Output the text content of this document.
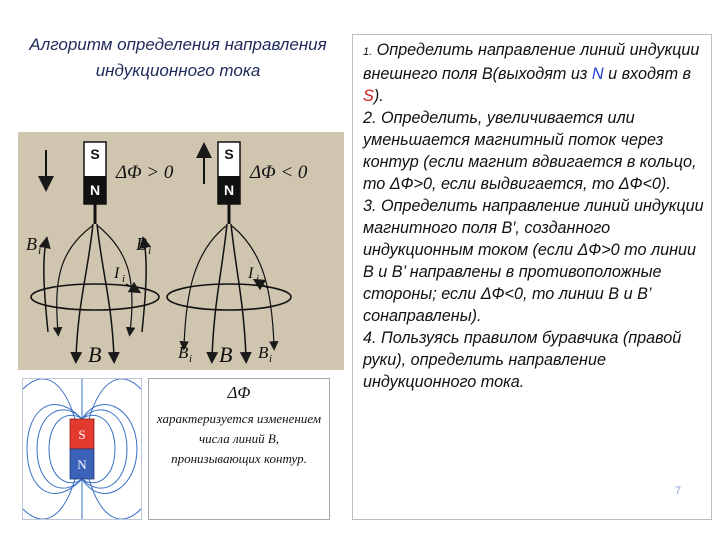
Алгоритм определения направления индукционного тока
S
N
S
N
ΔΦ > 0	ΔΦ < 0
B i	B i
I i
B
I i
B i B B i
S
N
ΔΦ
характеризуется изменением числа линий B, пронизывающих контур.

1. Определить направление линий индукции внешнего поля B(выходят из N и входят в S).

2. Определить, увеличивается или уменьшается магнитный поток через контур (если магнит вдвигается в кольцо, то ΔФ>0, если выдвигается, то ΔФ<0).

3. Определить направление линий индукции магнитного поля B′, созданного индукционным током (если ΔФ>0 то линии B и B’ направлены в противоположные стороны; если ΔФ<0, то линии B и B’ сонаправлены).

4. Пользуясь правилом буравчика (правой руки), определить направление индукционного тока.

7
